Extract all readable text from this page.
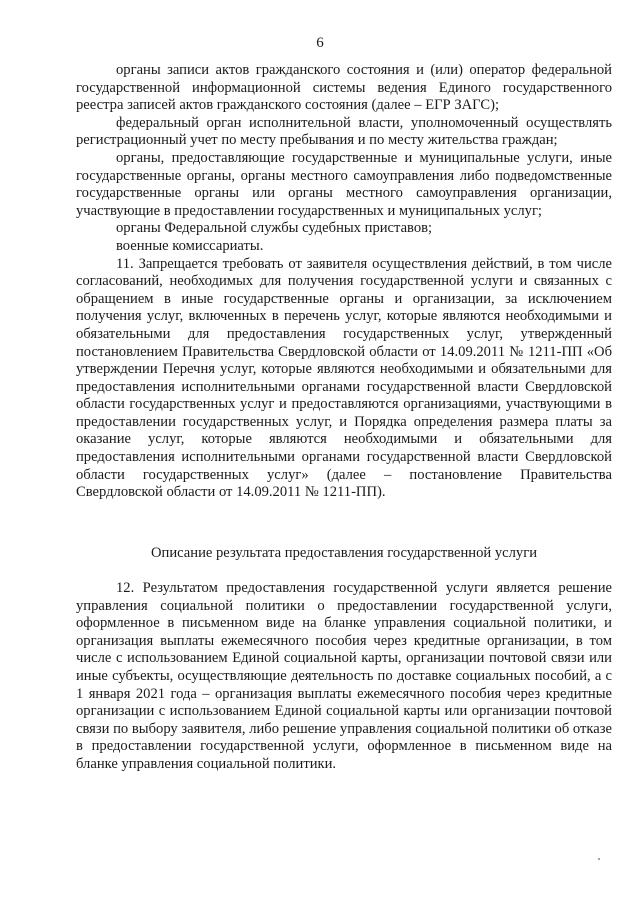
6

органы записи актов гражданского состояния и (или) оператор федеральной государственной информационной системы ведения Единого государственного реестра записей актов гражданского состояния (далее – ЕГР ЗАГС);

федеральный орган исполнительной власти, уполномоченный осуществлять регистрационный учет по месту пребывания и по месту жительства граждан;

органы, предоставляющие государственные и муниципальные услуги, иные государственные органы, органы местного самоуправления либо подведомственные государственные органы или органы местного самоуправления организации, участвующие в предоставлении государственных и муниципальных услуг;

органы Федеральной службы судебных приставов;

военные комиссариаты.

11. Запрещается требовать от заявителя осуществления действий, в том числе согласований, необходимых для получения государственной услуги и связанных с обращением в иные государственные органы и организации, за исключением получения услуг, включенных в перечень услуг, которые являются необходимыми и обязательными для предоставления государственных услуг, утвержденный постановлением Правительства Свердловской области от 14.09.2011 № 1211-ПП «Об утверждении Перечня услуг, которые являются необходимыми и обязательными для предоставления исполнительными органами государственной власти Свердловской области государственных услуг и предоставляются организациями, участвующими в предоставлении государственных услуг, и Порядка определения размера платы за оказание услуг, которые являются необходимыми и обязательными для предоставления исполнительными органами государственной власти Свердловской области государственных услуг» (далее – постановление Правительства Свердловской области от 14.09.2011 № 1211-ПП).

Описание результата предоставления государственной услуги

12. Результатом предоставления государственной услуги является решение управления социальной политики о предоставлении государственной услуги, оформленное в письменном виде на бланке управления социальной политики, и организация выплаты ежемесячного пособия через кредитные организации, в том числе с использованием Единой социальной карты, организации почтовой связи или иные субъекты, осуществляющие деятельность по доставке социальных пособий, а с 1 января 2021 года – организация выплаты ежемесячного пособия через кредитные организации с использованием Единой социальной карты или организации почтовой связи по выбору заявителя, либо решение управления социальной политики об отказе в предоставлении государственной услуги, оформленное в письменном виде на бланке управления социальной политики.
